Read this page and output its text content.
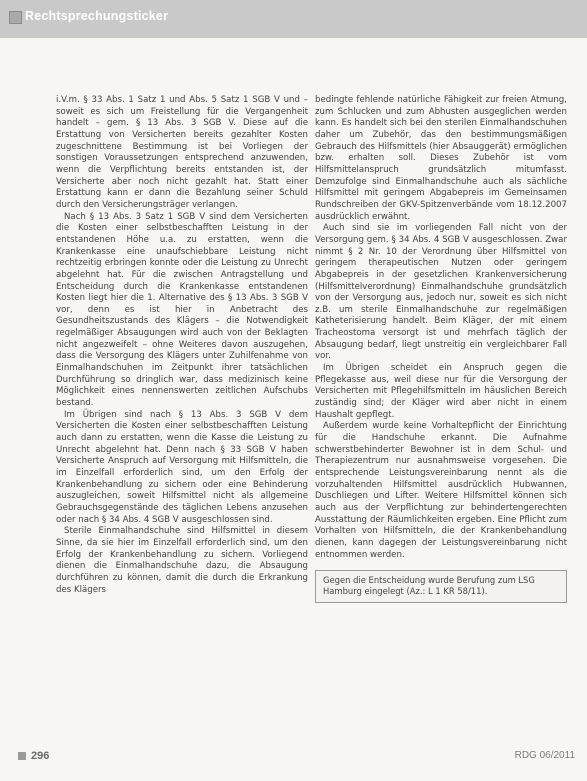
Rechtsprechungsticker

i.V.m. § 33 Abs. 1 Satz 1 und Abs. 5 Satz 1 SGB V und – soweit es sich um Freistellung für die Vergangenheit handelt – gem. § 13 Abs. 3 SGB V. Diese auf die Erstattung von Versicherten bereits gezahlter Kosten zugeschnittene Bestimmung ist bei Vorliegen der sonstigen Voraussetzungen entsprechend anzuwenden, wenn die Verpflichtung bereits entstanden ist, der Versicherte aber noch nicht gezahlt hat. Statt einer Erstattung kann er dann die Bezahlung seiner Schuld durch den Versicherungsträger verlangen.

Nach § 13 Abs. 3 Satz 1 SGB V sind dem Versicherten die Kosten einer selbstbeschafften Leistung in der entstandenen Höhe u.a. zu erstatten, wenn die Krankenkasse eine unaufschiebbare Leistung nicht rechtzeitig erbringen konnte oder die Leistung zu Unrecht abgelehnt hat. Für die zwischen Antragstellung und Entscheidung durch die Krankenkasse entstandenen Kosten liegt hier die 1. Alternative des § 13 Abs. 3 SGB V vor, denn es ist hier in Anbetracht des Gesundheitszustands des Klägers – die Notwendigkeit regelmäßiger Absaugungen wird auch von der Beklagten nicht angezweifelt – ohne Weiteres davon auszugehen, dass die Versorgung des Klägers unter Zuhilfenahme von Einmalhandschuhen im Zeitpunkt ihrer tatsächlichen Durchführung so dringlich war, dass medizinisch keine Möglichkeit eines nennenswerten zeitlichen Aufschubs bestand.

Im Übrigen sind nach § 13 Abs. 3 SGB V dem Versicherten die Kosten einer selbstbeschafften Leistung auch dann zu erstatten, wenn die Kasse die Leistung zu Unrecht abgelehnt hat. Denn nach § 33 SGB V haben Versicherte Anspruch auf Versorgung mit Hilfsmitteln, die im Einzelfall erforderlich sind, um den Erfolg der Krankenbehandlung zu sichern oder eine Behinderung auszugleichen, soweit Hilfsmittel nicht als allgemeine Gebrauchsgegenstände des täglichen Lebens anzusehen oder nach § 34 Abs. 4 SGB V ausgeschlossen sind.

Sterile Einmalhandschuhe sind Hilfsmittel in diesem Sinne, da sie hier im Einzelfall erforderlich sind, um den Erfolg der Krankenbehandlung zu sichern. Vorliegend dienen die Einmalhandschuhe dazu, die Absaugung durchführen zu können, damit die durch die Erkrankung des Klägers

bedingte fehlende natürliche Fähigkeit zur freien Atmung, zum Schlucken und zum Abhusten ausgeglichen werden kann. Es handelt sich bei den sterilen Einmalhandschuhen daher um Zubehör, das den bestimmungsmäßigen Gebrauch des Hilfsmittels (hier Absauggerät) ermöglichen bzw. erhalten soll. Dieses Zubehör ist vom Hilfsmittelanspruch grundsätzlich mitumfasst. Demzufolge sind Einmalhandschuhe auch als sächliche Hilfsmittel mit geringem Abgabepreis im Gemeinsamen Rundschreiben der GKV-Spitzenverbände vom 18.12.2007 ausdrücklich erwähnt.

Auch sind sie im vorliegenden Fall nicht von der Versorgung gem. § 34 Abs. 4 SGB V ausgeschlossen. Zwar nimmt § 2 Nr. 10 der Verordnung über Hilfsmittel von geringem therapeutischen Nutzen oder geringem Abgabepreis in der gesetzlichen Krankenversicherung (Hilfsmittelverordnung) Einmalhandschuhe grundsätzlich von der Versorgung aus, jedoch nur, soweit es sich nicht z.B. um sterile Einmalhandschuhe zur regelmäßigen Katheterisierung handelt. Beim Kläger, der mit einem Tracheostoma versorgt ist und mehrfach täglich der Absaugung bedarf, liegt unstreitig ein vergleichbarer Fall vor.

Im Übrigen scheidet ein Anspruch gegen die Pflegekasse aus, weil diese nur für die Versorgung der Versicherten mit Pflegehilfsmitteln im häuslichen Bereich zuständig sind; der Kläger wird aber nicht in einem Haushalt gepflegt.

Außerdem wurde keine Vorhaltepflicht der Einrichtung für die Handschuhe erkannt. Die Aufnahme schwerstbehinderter Bewohner ist in dem Schul- und Therapiezentrum nur ausnahmsweise vorgesehen. Die entsprechende Leistungsvereinbarung nennt als die vorzuhaltenden Hilfsmittel ausdrücklich Hubwannen, Duschliegen und Lifter. Weitere Hilfsmittel können sich auch aus der Verpflichtung zur behindertengerechten Ausstattung der Räumlichkeiten ergeben. Eine Pflicht zum Vorhalten von Hilfsmitteln, die der Krankenbehandlung dienen, kann dagegen der Leistungsvereinbarung nicht entnommen werden.

Gegen die Entscheidung wurde Berufung zum LSG Hamburg eingelegt (Az.: L 1 KR 58/11).
296	RDG 06/2011
